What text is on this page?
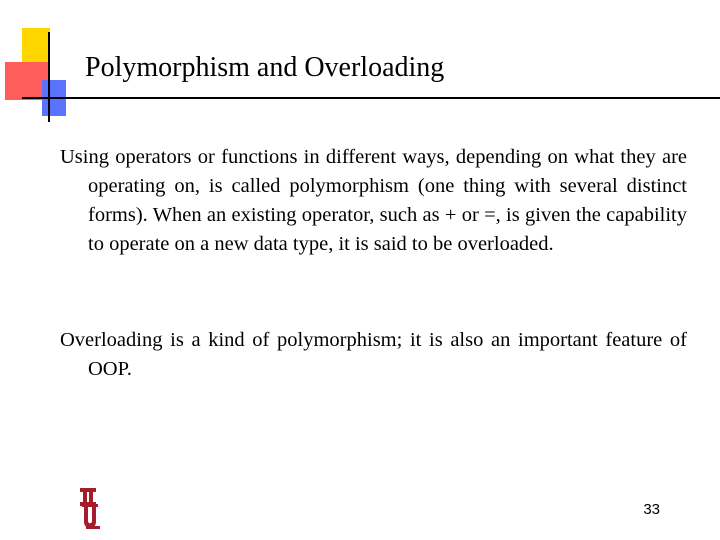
Polymorphism and Overloading

Using operators or functions in different ways, depending on what they are operating on, is called polymorphism (one thing with several distinct forms). When an existing operator, such as + or =, is given the capability to operate on a new data type, it is said to be overloaded.

Overloading is a kind of polymorphism; it is also an important feature of OOP.

33
